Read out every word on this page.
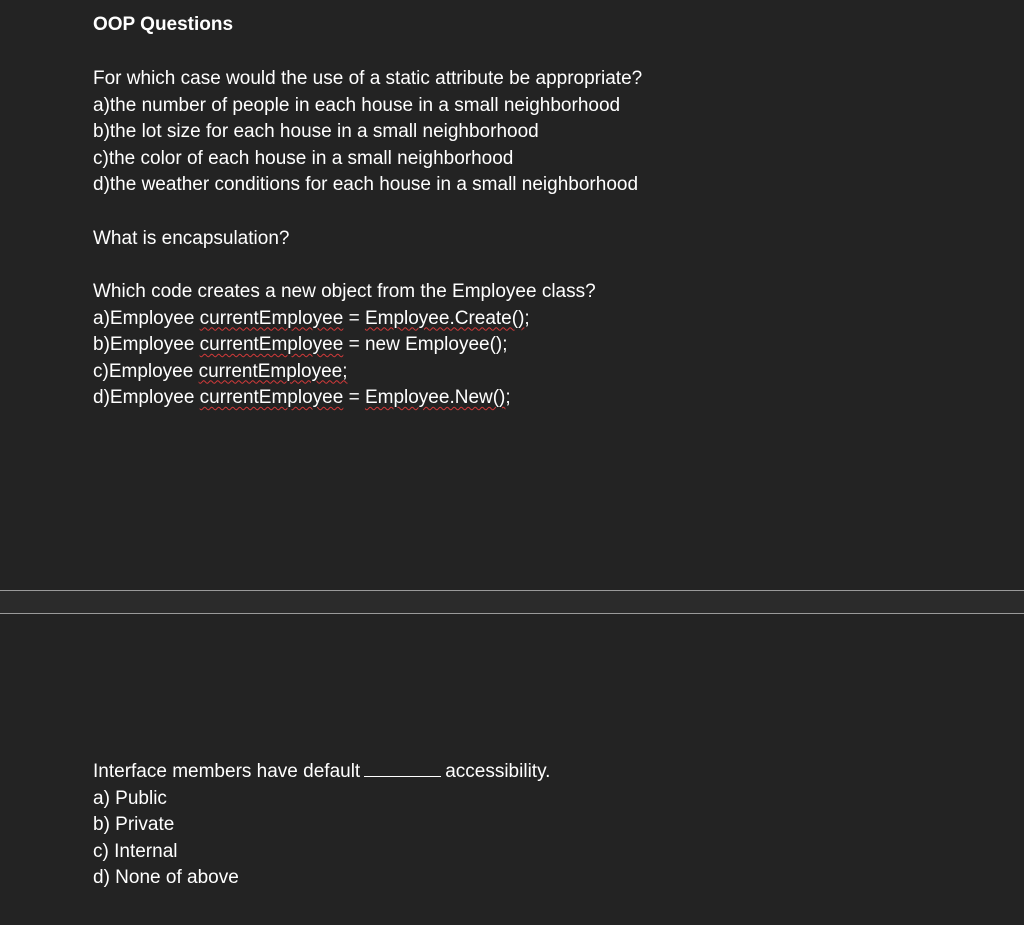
OOP Questions
For which case would the use of a static attribute be appropriate?
a)the number of people in each house in a small neighborhood
b)the lot size for each house in a small neighborhood
c)the color of each house in a small neighborhood
d)the weather conditions for each house in a small neighborhood
What is encapsulation?
Which code creates a new object from the Employee class?
a)Employee currentEmployee = Employee.Create();
b)Employee currentEmployee = new Employee();
c)Employee currentEmployee;
d)Employee currentEmployee = Employee.New();
Interface members have default	accessibility.
a) Public
b) Private
c) Internal
d) None of above
